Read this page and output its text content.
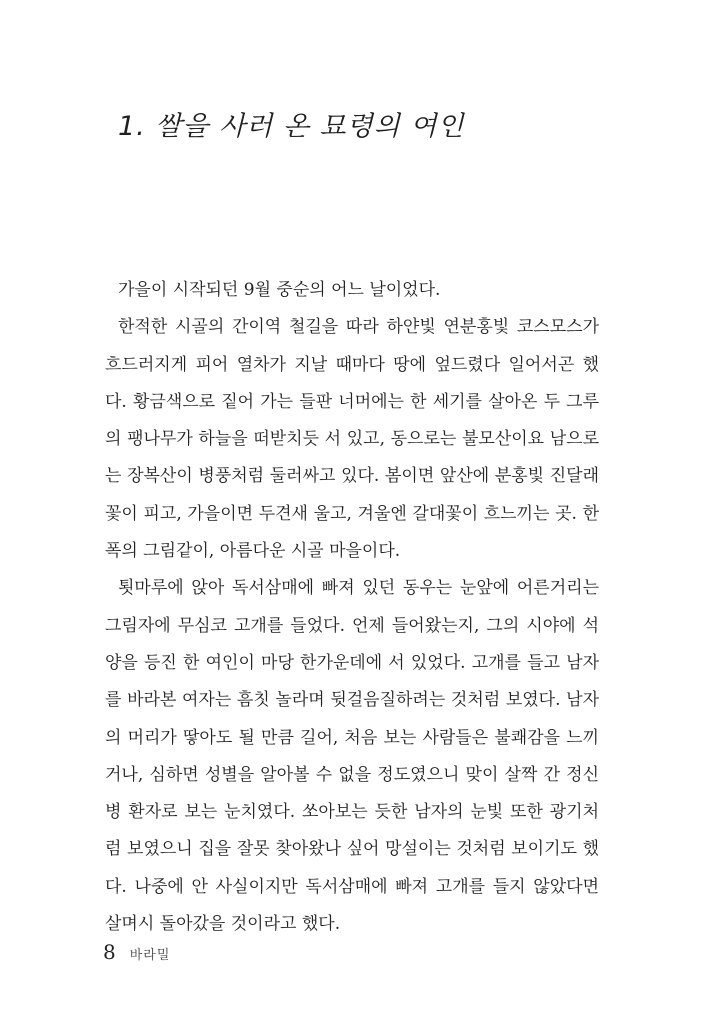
1. 쌀을 사러 온 묘령의 여인
가을이 시작되던 9월 중순의 어느 날이었다.
한적한 시골의 간이역 철길을 따라 하얀빛 연분홍빛 코스모스가
흐드러지게 피어 열차가 지날 때마다 땅에 엎드렸다 일어서곤 했
다. 황금색으로 짙어 가는 들판 너머에는 한 세기를 살아온 두 그루
의 팽나무가 하늘을 떠받치듯 서 있고, 동으로는 불모산이요 남으로
는 장복산이 병풍처럼 둘러싸고 있다. 봄이면 앞산에 분홍빛 진달래
꽃이 피고, 가을이면 두견새 울고, 겨울엔 갈대꽃이 흐느끼는 곳. 한
폭의 그림같이, 아름다운 시골 마을이다.
툇마루에 앉아 독서삼매에 빠져 있던 동우는 눈앞에 어른거리는
그림자에 무심코 고개를 들었다. 언제 들어왔는지, 그의 시야에 석
양을 등진 한 여인이 마당 한가운데에 서 있었다. 고개를 들고 남자
를 바라본 여자는 흠칫 놀라며 뒷걸음질하려는 것처럼 보였다. 남자
의 머리가 땋아도 될 만큼 길어, 처음 보는 사람들은 불쾌감을 느끼
거나, 심하면 성별을 알아볼 수 없을 정도였으니 맞이 살짝 간 정신
병 환자로 보는 눈치였다. 쏘아보는 듯한 남자의 눈빛 또한 광기처
럼 보였으니 집을 잘못 찾아왔나 싶어 망설이는 것처럼 보이기도 했
다. 나중에 안 사실이지만 독서삼매에 빠져 고개를 들지 않았다면
살며시 돌아갔을 것이라고 했다.
8 바라밀
